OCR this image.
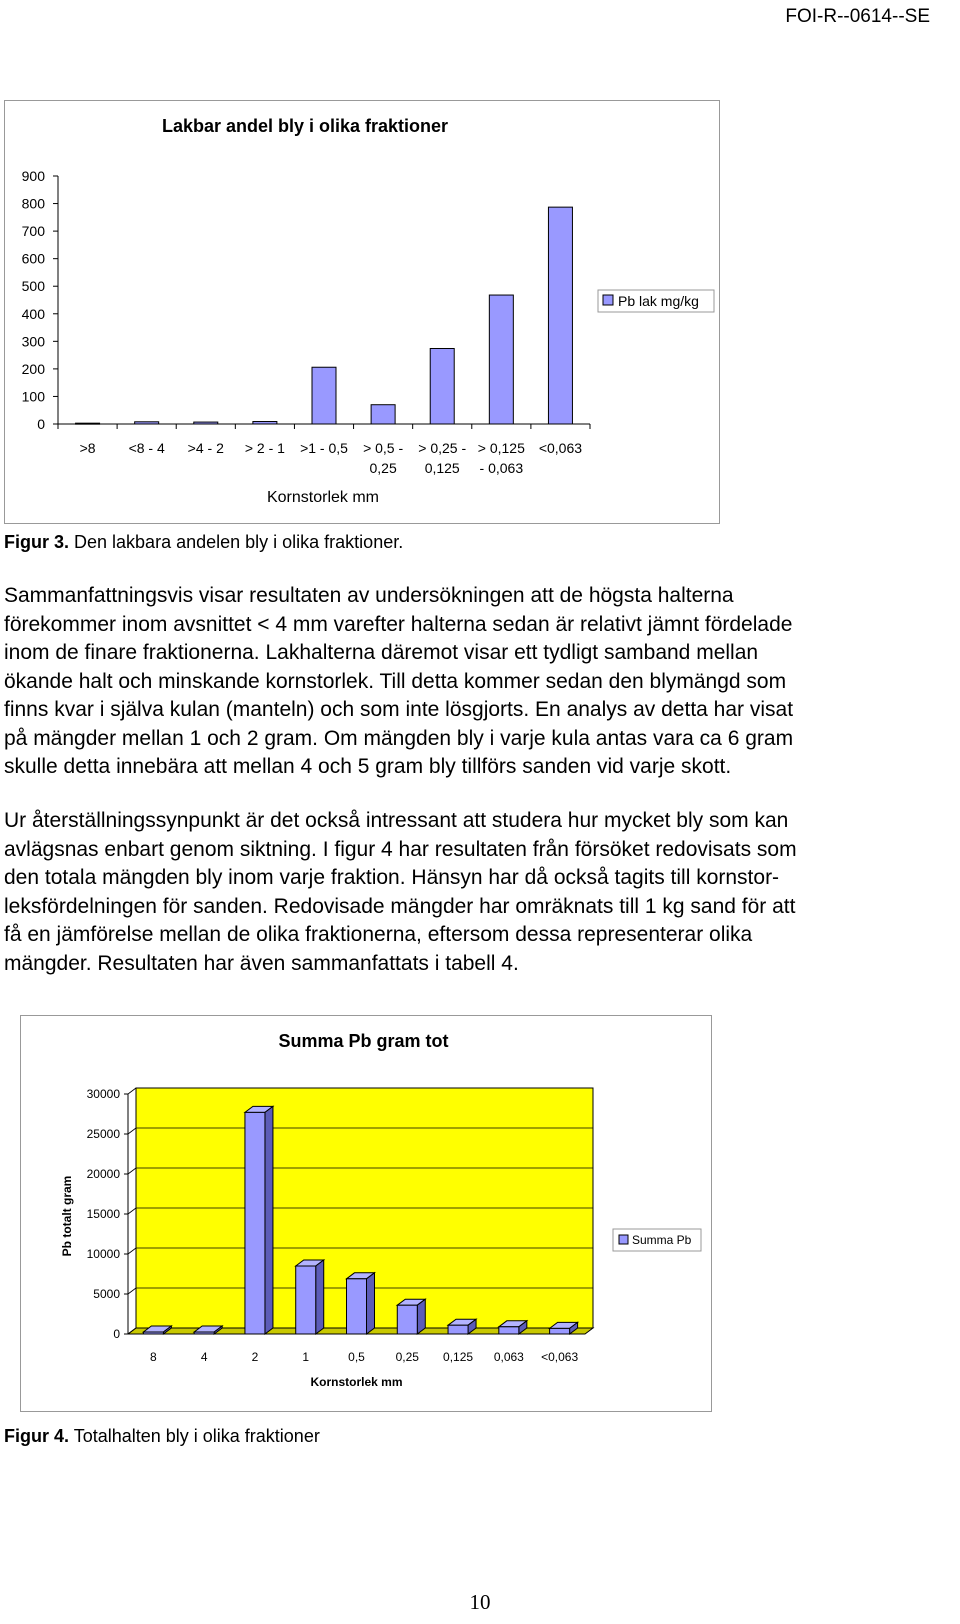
FOI-R--0614--SE
Lakbar andel bly i olika fraktioner
0
100
200
300
400
500
600
700
800
900
>8 <8 - 4 >4 - 2 > 2 - 1 >1 - 0,5 > 0,5 -
0,25
> 0,25 -
0,125
> 0,125
- 0,063
<0,063
Kornstorlek mm
Pb lak mg/kg
Figur 3. Den lakbara andelen bly i olika fraktioner.
Sammanfattningsvis visar resultaten av undersökningen att de högsta halterna
förekommer inom avsnittet < 4 mm varefter halterna sedan är relativt jämnt fördelade
inom de finare fraktionerna. Lakhalterna däremot visar ett tydligt samband mellan
ökande halt och minskande kornstorlek. Till detta kommer sedan den blymängd som
finns kvar i själva kulan (manteln) och som inte lösgjorts. En analys av detta har visat
på mängder mellan 1 och 2 gram. Om mängden bly i varje kula antas vara ca 6 gram
skulle detta innebära att mellan 4 och 5 gram bly tillförs sanden vid varje skott.
Ur återställningssynpunkt är det också intressant att studera hur mycket bly som kan
avlägsnas enbart genom siktning. I figur 4 har resultaten från försöket redovisats som
den totala mängden bly inom varje fraktion. Hänsyn har då också tagits till kornstor-
leksfördelningen för sanden. Redovisade mängder har omräknats till 1 kg sand för att
få en jämförelse mellan de olika fraktionerna, eftersom dessa representerar olika
mängder. Resultaten har även sammanfattats i tabell 4.
Summa Pb gram tot
0
5000
10000
15000
20000
25000
30000
8	4	2	1	0,5	0,25 0,125 0,063 <0,063
Kornstorlek mm
Pb totalt gram	Summa Pb
Figur 4. Totalhalten bly i olika fraktioner
10
